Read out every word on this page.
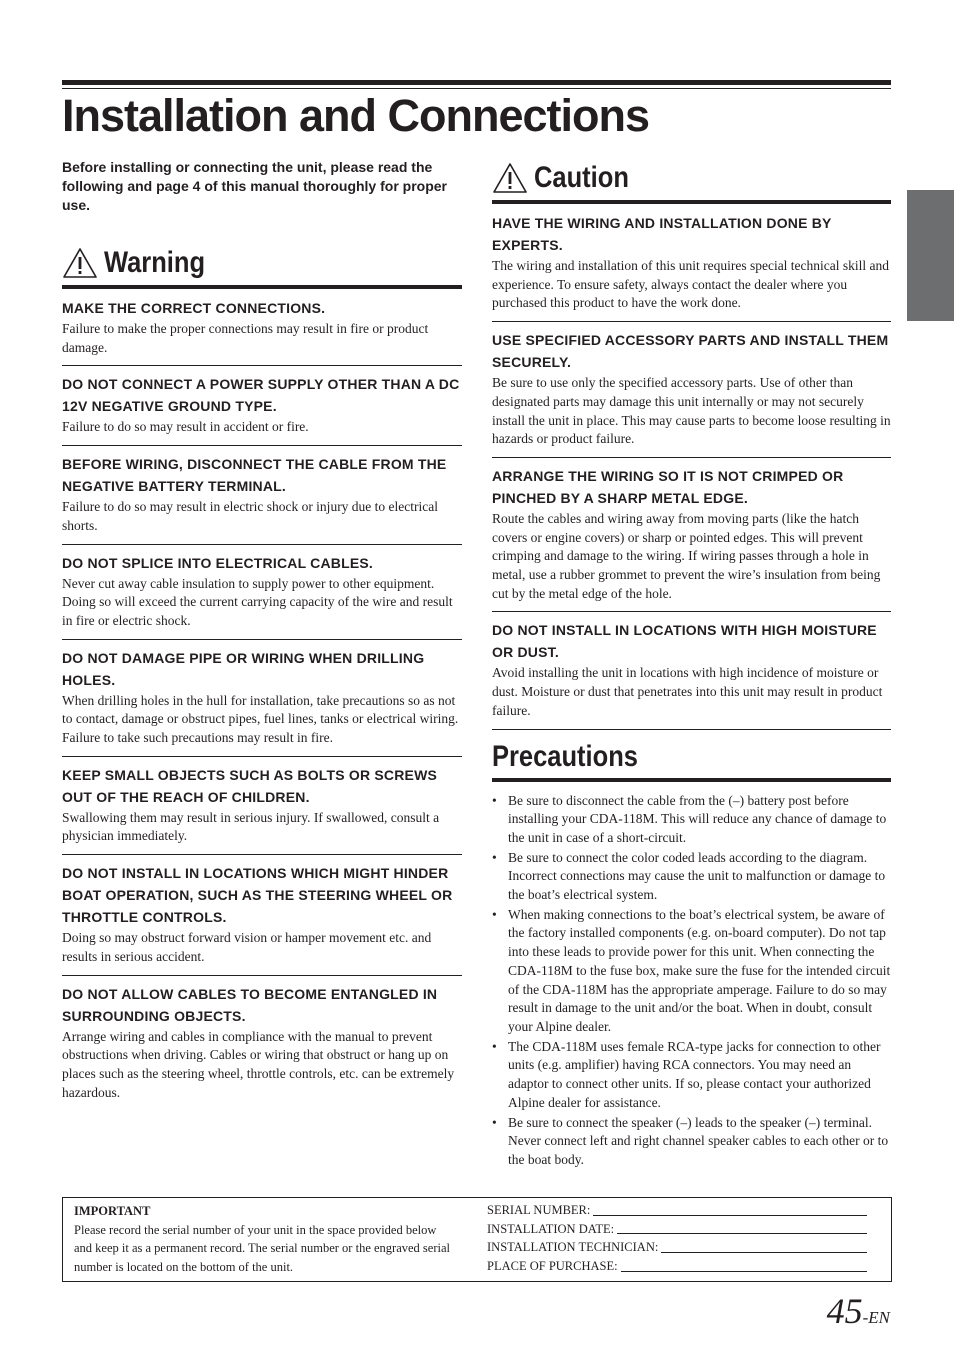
Installation and Connections

Before installing or connecting the unit, please read the following and page 4 of this manual thoroughly for proper use.

Warning
MAKE THE CORRECT CONNECTIONS.

Failure to make the proper connections may result in fire or product damage.

DO NOT CONNECT A POWER SUPPLY OTHER THAN A DC 12V NEGATIVE GROUND TYPE.

Failure to do so may result in accident or fire.

BEFORE WIRING, DISCONNECT THE CABLE FROM THE NEGATIVE BATTERY TERMINAL.

Failure to do so may result in electric shock or injury due to electrical shorts.

DO NOT SPLICE INTO ELECTRICAL CABLES.

Never cut away cable insulation to supply power to other equipment. Doing so will exceed the current carrying capacity of the wire and result in fire or electric shock.

DO NOT DAMAGE PIPE OR WIRING WHEN DRILLING HOLES.

When drilling holes in the hull for installation, take precautions so as not to contact, damage or obstruct pipes, fuel lines, tanks or electrical wiring. Failure to take such precautions may result in fire.

KEEP SMALL OBJECTS SUCH AS BOLTS OR SCREWS OUT OF THE REACH OF CHILDREN.

Swallowing them may result in serious injury. If swallowed, consult a physician immediately.

DO NOT INSTALL IN LOCATIONS WHICH MIGHT HINDER BOAT OPERATION, SUCH AS THE STEERING WHEEL OR THROTTLE CONTROLS.

Doing so may obstruct forward vision or hamper movement etc. and results in serious accident.

DO NOT ALLOW CABLES TO BECOME ENTANGLED IN SURROUNDING OBJECTS.

Arrange wiring and cables in compliance with the manual to prevent obstructions when driving. Cables or wiring that obstruct or hang up on places such as the steering wheel, throttle controls, etc. can be extremely hazardous.

Caution
HAVE THE WIRING AND INSTALLATION DONE BY EXPERTS.

The wiring and installation of this unit requires special technical skill and experience. To ensure safety, always contact the dealer where you purchased this product to have the work done.

USE SPECIFIED ACCESSORY PARTS AND INSTALL THEM SECURELY.

Be sure to use only the specified accessory parts. Use of other than designated parts may damage this unit internally or may not securely install the unit in place. This may cause parts to become loose resulting in hazards or product failure.

ARRANGE THE WIRING SO IT IS NOT CRIMPED OR PINCHED BY A SHARP METAL EDGE.

Route the cables and wiring away from moving parts (like the hatch covers or engine covers) or sharp or pointed edges. This will prevent crimping and damage to the wiring. If wiring passes through a hole in metal, use a rubber grommet to prevent the wire’s insulation from being cut by the metal edge of the hole.

DO NOT INSTALL IN LOCATIONS WITH HIGH MOISTURE OR DUST.

Avoid installing the unit in locations with high incidence of moisture or dust. Moisture or dust that penetrates into this unit may result in product failure.

Precautions
• Be sure to disconnect the cable from the (–) battery post before installing your CDA-118M. This will reduce any chance of damage to the unit in case of a short-circuit.
• Be sure to connect the color coded leads according to the diagram. Incorrect connections may cause the unit to malfunction or damage to the boat’s electrical system.
• When making connections to the boat’s electrical system, be aware of the factory installed components (e.g. on-board computer). Do not tap into these leads to provide power for this unit. When connecting the CDA-118M to the fuse box, make sure the fuse for the intended circuit of the CDA-118M has the appropriate amperage. Failure to do so may result in damage to the unit and/or the boat. When in doubt, consult your Alpine dealer.
• The CDA-118M uses female RCA-type jacks for connection to other units (e.g. amplifier) having RCA connectors. You may need an adaptor to connect other units. If so, please contact your authorized Alpine dealer for assistance.
• Be sure to connect the speaker (–) leads to the speaker (–) terminal. Never connect left and right channel speaker cables to each other or to the boat body.
IMPORTANT
Please record the serial number of your unit in the space provided below and keep it as a permanent record. The serial number or the engraved serial number is located on the bottom of the unit.
SERIAL NUMBER:
INSTALLATION DATE:
INSTALLATION TECHNICIAN:
PLACE OF PURCHASE:
45-EN
